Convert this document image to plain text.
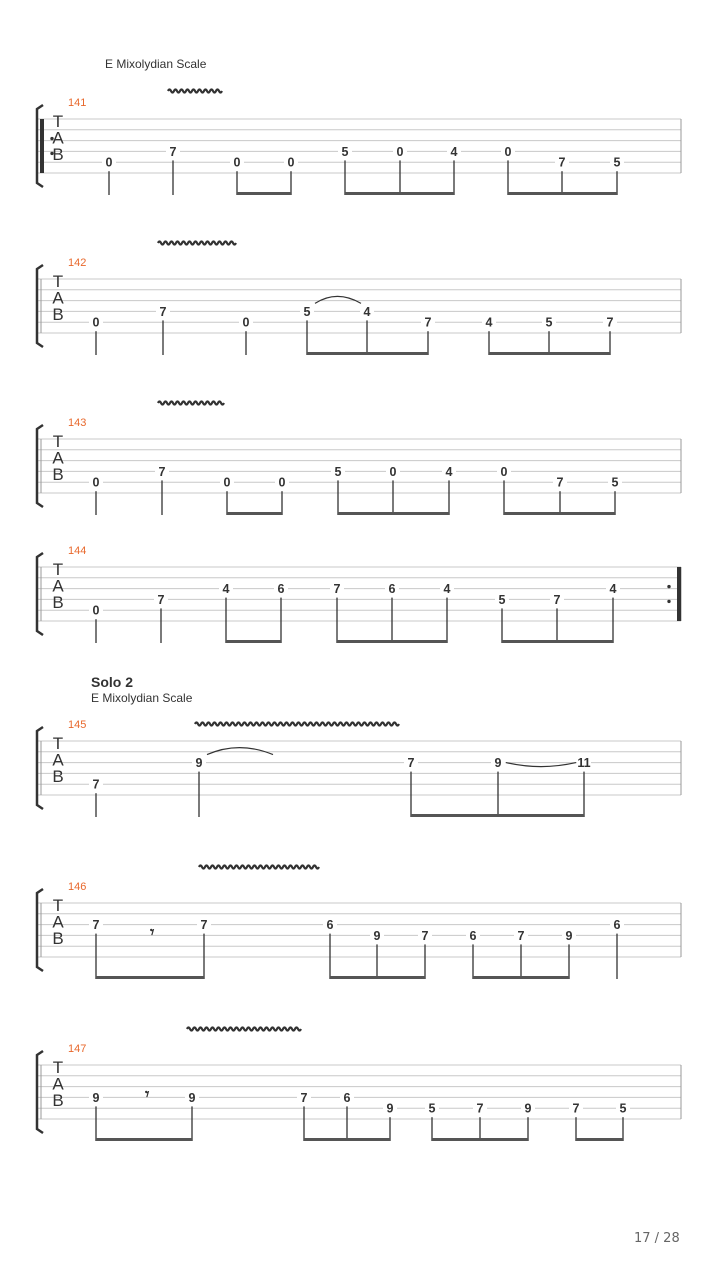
T
A
B
141
E Mixolydian Scale
0
7
0	0
5	0	4	0
7	5
T
A
B
142
0
7
0
5	4
7	4	5	7
T
A
B
143
0
7
0	0
5	0	4	0
7	5
T
A
B
144
0
7
4	6	7	6	4
5	7
4
T
A
B
145
Solo 2
E Mixolydian Scale
7
9	7	9	11
T
A
B
146
7	7	6
9	7	6	7	9
6
𝄾
T
A
B
147
9	9	7	6
9	5	7	9	7	5
𝄾
17 / 28
